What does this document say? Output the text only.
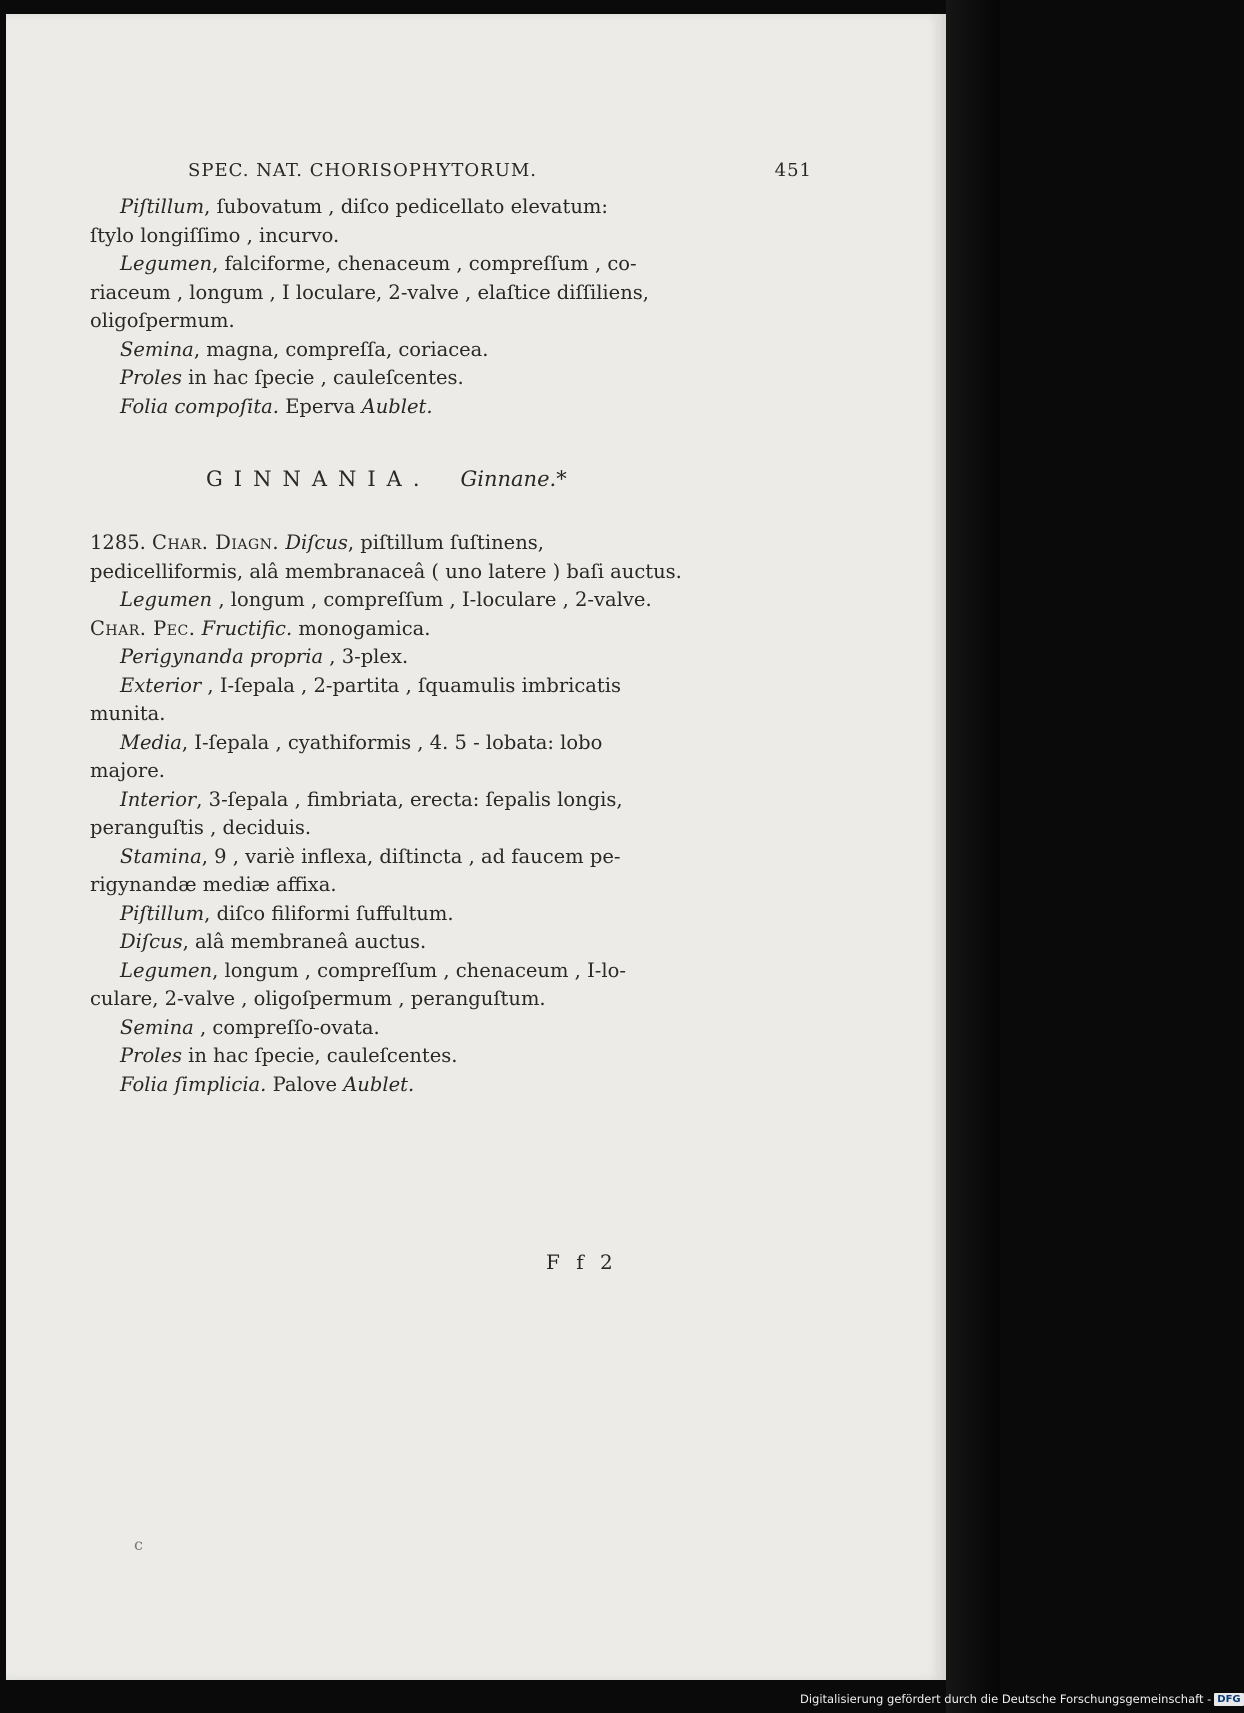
SPEC. NAT. CHORISOPHYTORUM.	451

Piſtillum, ſubovatum , diſco pedicellato elevatum:

ſtylo longiſſimo , incurvo.

Legumen, falciforme, chenaceum , compreſſum , co-

riaceum , longum , I loculare, 2-valve , elaſtice diſſiliens,

oligoſpermum.

Semina, magna, compreſſa, coriacea.

Proles in hac ſpecie , cauleſcentes.

Folia compoſita. Eperva Aublet.

GINNANIA. Ginnane.*

1285. Char. Diagn. Diſcus, piſtillum ſuſtinens,

pedicelliformis, alâ membranaceâ ( uno latere ) baſi auctus.

Legumen , longum , compreſſum , I-loculare , 2-valve.

Char. Pec. Fructific. monogamica.

Perigynanda propria , 3-plex.

Exterior , I-ſepala , 2-partita , ſquamulis imbricatis

munita.

Media, I-ſepala , cyathiformis , 4. 5 - lobata: lobo

majore.

Interior, 3-ſepala , fimbriata, erecta: ſepalis longis,

peranguſtis , deciduis.

Stamina, 9 , variè inflexa, diſtincta , ad faucem pe-

rigynandæ mediæ affixa.

Piſtillum, diſco filiformi ſuffultum.

Diſcus, alâ membraneâ auctus.

Legumen, longum , compreſſum , chenaceum , I-lo-

culare, 2-valve , oligoſpermum , peranguſtum.

Semina , compreſſo-ovata.

Proles in hac ſpecie, cauleſcentes.

Folia ſimplicia. Palove Aublet.

F f 2
c
Digitalisierung gefördert durch die Deutsche Forschungsgemeinschaft - DFG
